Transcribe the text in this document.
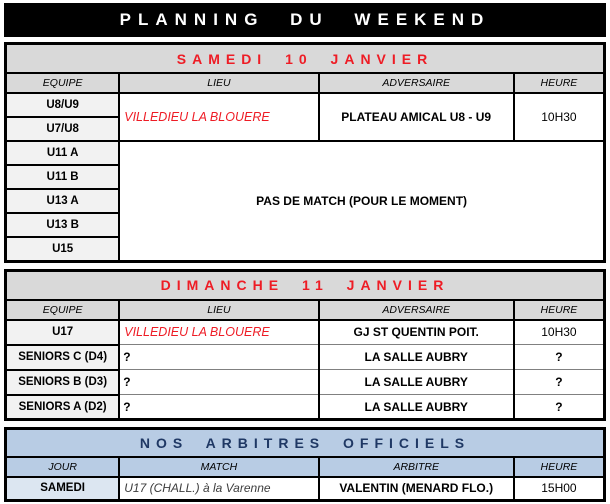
PLANNING DU WEEKEND
SAMEDI 10 JANVIER			
EQUIPE	LIEU	ADVERSAIRE	HEURE
U8/U9	VILLEDIEU LA BLOUERE	PLATEAU AMICAL U8 - U9	10H30
U7/U8			
U11 A	PAS DE MATCH (POUR LE MOMENT)		
U11 B			
U13 A			
U13 B			
U15			
DIMANCHE 11 JANVIER			
EQUIPE	LIEU	ADVERSAIRE	HEURE
U17	VILLEDIEU LA BLOUERE	GJ ST QUENTIN POIT.	10H30
SENIORS C (D4)	?	LA SALLE AUBRY	?
SENIORS B (D3)	?	LA SALLE AUBRY	?
SENIORS A (D2)	?	LA SALLE AUBRY	?
NOS ARBITRES OFFICIELS			
JOUR	MATCH	ARBITRE	HEURE
SAMEDI	U17 (CHALL.) à la Varenne	VALENTIN (MENARD FLO.)	15H00
